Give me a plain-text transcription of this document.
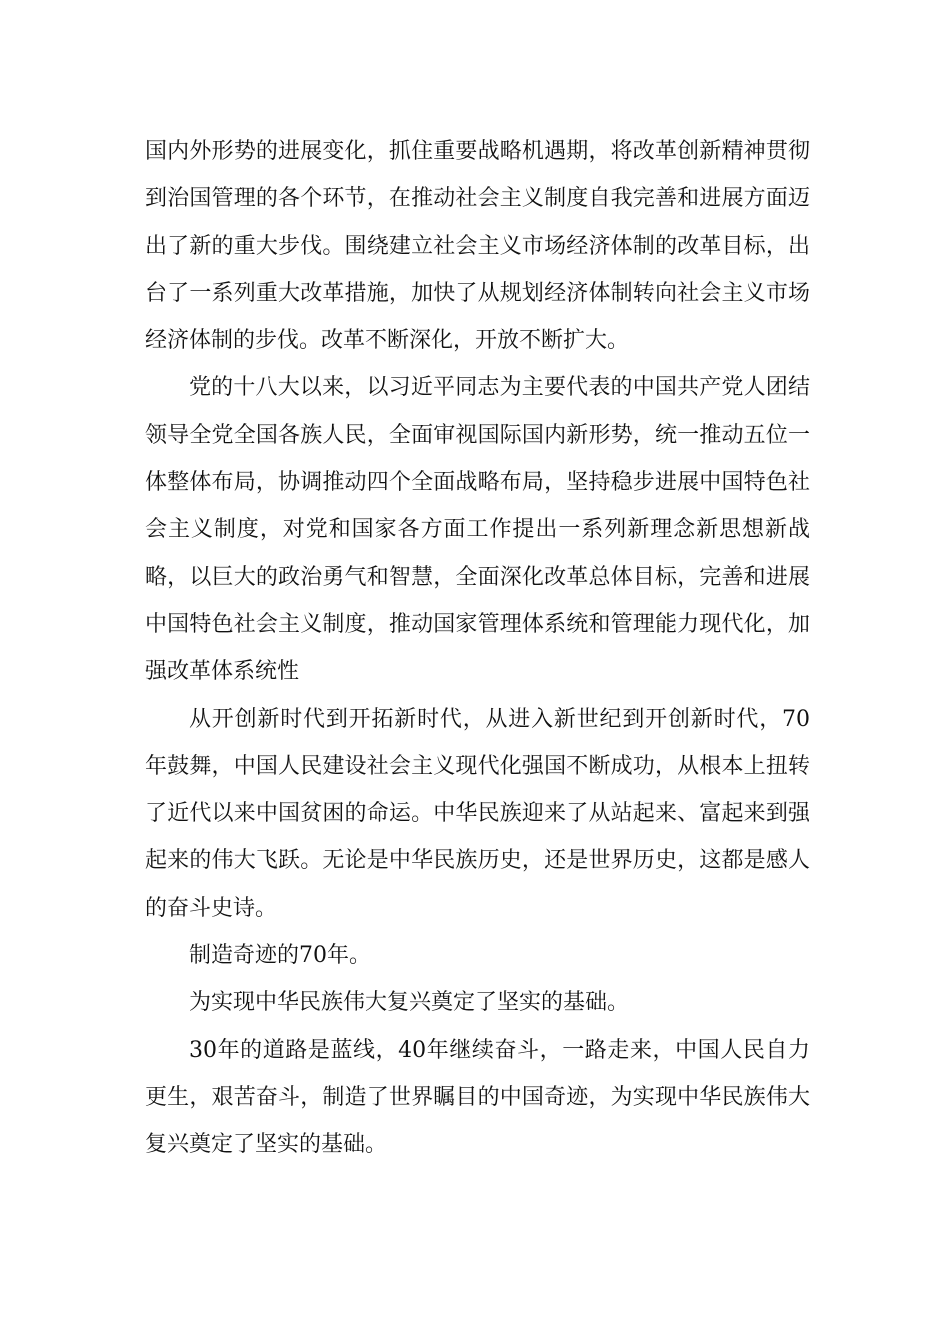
国内外形势的进展变化，抓住重要战略机遇期，将改革创新精神贯彻到治国管理的各个环节，在推动社会主义制度自我完善和进展方面迈出了新的重大步伐。围绕建立社会主义市场经济体制的改革目标，出台了一系列重大改革措施，加快了从规划经济体制转向社会主义市场经济体制的步伐。改革不断深化，开放不断扩大。

党的十八大以来，以习近平同志为主要代表的中国共产党人团结领导全党全国各族人民，全面审视国际国内新形势，统一推动五位一体整体布局，协调推动四个全面战略布局，坚持稳步进展中国特色社会主义制度，对党和国家各方面工作提出一系列新理念新思想新战略，以巨大的政治勇气和智慧，全面深化改革总体目标，完善和进展中国特色社会主义制度，推动国家管理体系统和管理能力现代化，加强改革体系统性

从开创新时代到开拓新时代，从进入新世纪到开创新时代，70年鼓舞，中国人民建设社会主义现代化强国不断成功，从根本上扭转了近代以来中国贫困的命运。中华民族迎来了从站起来、富起来到强起来的伟大飞跃。无论是中华民族历史，还是世界历史，这都是感人的奋斗史诗。

制造奇迹的70年。

为实现中华民族伟大复兴奠定了坚实的基础。

30年的道路是蓝线，40年继续奋斗，一路走来，中国人民自力更生，艰苦奋斗，制造了世界瞩目的中国奇迹，为实现中华民族伟大复兴奠定了坚实的基础。
